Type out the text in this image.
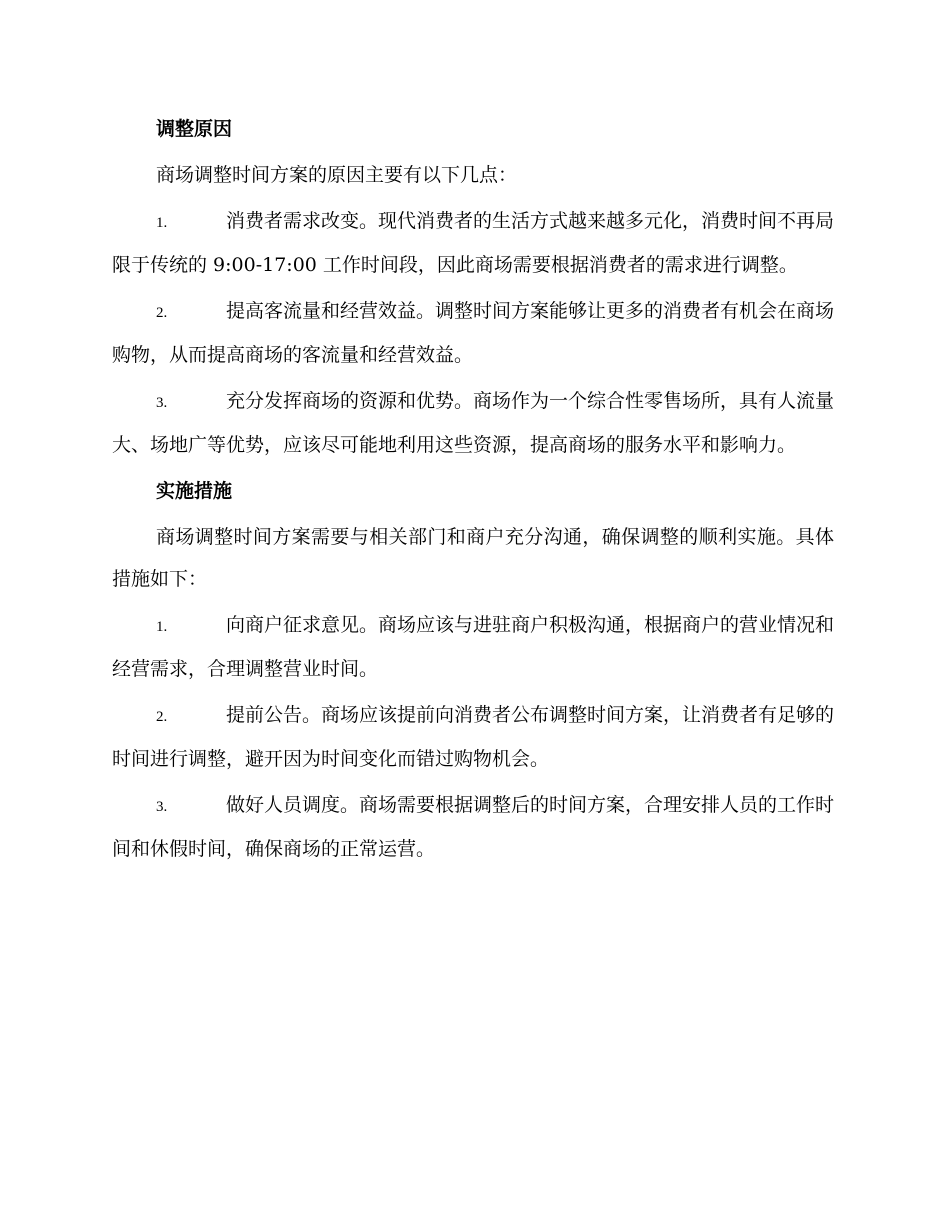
调整原因
商场调整时间方案的原因主要有以下几点：
1.	消费者需求改变。现代消费者的生活方式越来越多元化，消费时间不再局限于传统的 9:00-17:00 工作时间段，因此商场需要根据消费者的需求进行调整。
2.	提高客流量和经营效益。调整时间方案能够让更多的消费者有机会在商场购物，从而提高商场的客流量和经营效益。
3.	充分发挥商场的资源和优势。商场作为一个综合性零售场所，具有人流量大、场地广等优势，应该尽可能地利用这些资源，提高商场的服务水平和影响力。
实施措施
商场调整时间方案需要与相关部门和商户充分沟通，确保调整的顺利实施。具体措施如下：
1.	向商户征求意见。商场应该与进驻商户积极沟通，根据商户的营业情况和经营需求，合理调整营业时间。
2.	提前公告。商场应该提前向消费者公布调整时间方案，让消费者有足够的时间进行调整，避开因为时间变化而错过购物机会。
3.	做好人员调度。商场需要根据调整后的时间方案，合理安排人员的工作时间和休假时间，确保商场的正常运营。
